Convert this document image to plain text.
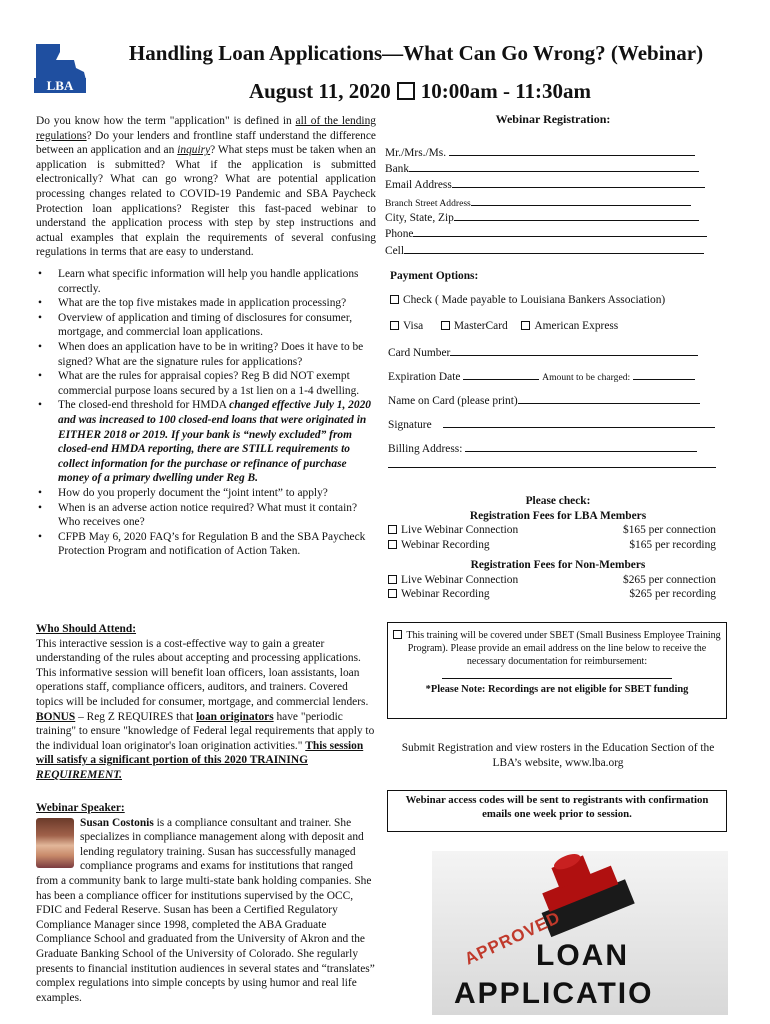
LBA
Handling Loan Applications—What Can Go Wrong? (Webinar)
August 11, 2020 10:00am - 11:30am
Do you know how the term "application" is defined in all of the lending regulations? Do your lenders and frontline staff understand the difference between an application and an inquiry? What steps must be taken when an application is submitted? What if the application is submitted electronically? What can go wrong? What are potential application processing changes related to COVID-19 Pandemic and SBA Paycheck Protection loan applications? Register this fast-paced webinar to understand the application process with step by step instructions and actual examples that explain the requirements of several confusing regulations in terms that are easy to understand.
• Learn what specific information will help you handle applications correctly.
• What are the top five mistakes made in application processing?
• Overview of application and timing of disclosures for consumer, mortgage, and commercial loan applications.
• When does an application have to be in writing? Does it have to be signed? What are the signature rules for applications?
• What are the rules for appraisal copies? Reg B did NOT exempt commercial purpose loans secured by a 1st lien on a 1-4 dwelling.
• The closed-end threshold for HMDA changed effective July 1, 2020 and was increased to 100 closed-end loans that were originated in EITHER 2018 or 2019. If your bank is “newly excluded” from closed-end HMDA reporting, there are STILL requirements to collect information for the purchase or refinance of purchase money of a primary dwelling under Reg B.
• How do you properly document the “joint intent” to apply?
• When is an adverse action notice required? What must it contain? Who receives one?
• CFPB May 6, 2020 FAQ’s for Regulation B and the SBA Paycheck Protection Program and notification of Action Taken.
Who Should Attend:
This interactive session is a cost-effective way to gain a greater understanding of the rules about accepting and processing applications. This informative session will benefit loan officers, loan assistants, loan operations staff, compliance officers, auditors, and trainers. Covered topics will be included for consumer, mortgage, and commercial lenders. BONUS – Reg Z REQUIRES that loan originators have "periodic training" to ensure "knowledge of Federal legal requirements that apply to the individual loan originator's loan origination activities." This session will satisfy a significant portion of this 2020 TRAINING REQUIREMENT.
Webinar Speaker:
Susan Costonis is a compliance consultant and trainer. She specializes in compliance management along with deposit and lending regulatory training. Susan has successfully managed compliance programs and exams for institutions that ranged from a community bank to large multi-state bank holding companies. She has been a compliance officer for institutions supervised by the OCC, FDIC and Federal Reserve. Susan has been a Certified Regulatory Compliance Manager since 1998, completed the ABA Graduate Compliance School and graduated from the University of Akron and the Graduate Banking School of the University of Colorado. She regularly presents to financial institution audiences in several states and “translates” complex regulations into simple concepts by using humor and real life examples.
Webinar Registration:
Mr./Mrs./Ms.
Bank
Email Address
Branch Street Address
City, State, Zip
Phone
Cell
Payment Options:
Check ( Made payable to Louisiana Bankers Association)
Visa	MasterCard American Express
Card Number
Expiration Date	Amount to be charged:
Name on Card (please print)
Signature
Billing Address:
Please check:
Registration Fees for LBA Members
Live Webinar Connection	$165 per connection
Webinar Recording	$165 per recording
Registration Fees for Non-Members
Live Webinar Connection	$265 per connection
Webinar Recording	$265 per recording
This training will be covered under SBET (Small Business Employee Training Program). Please provide an email address on the line below to receive the necessary documentation for reimbursement:
*Please Note: Recordings are not eligible for SBET funding
Submit Registration and view rosters in the Education Section of the LBA’s website, www.lba.org
Webinar access codes will be sent to registrants with confirmation emails one week prior to session.
APPROVED
LOAN
APPLICATIO
